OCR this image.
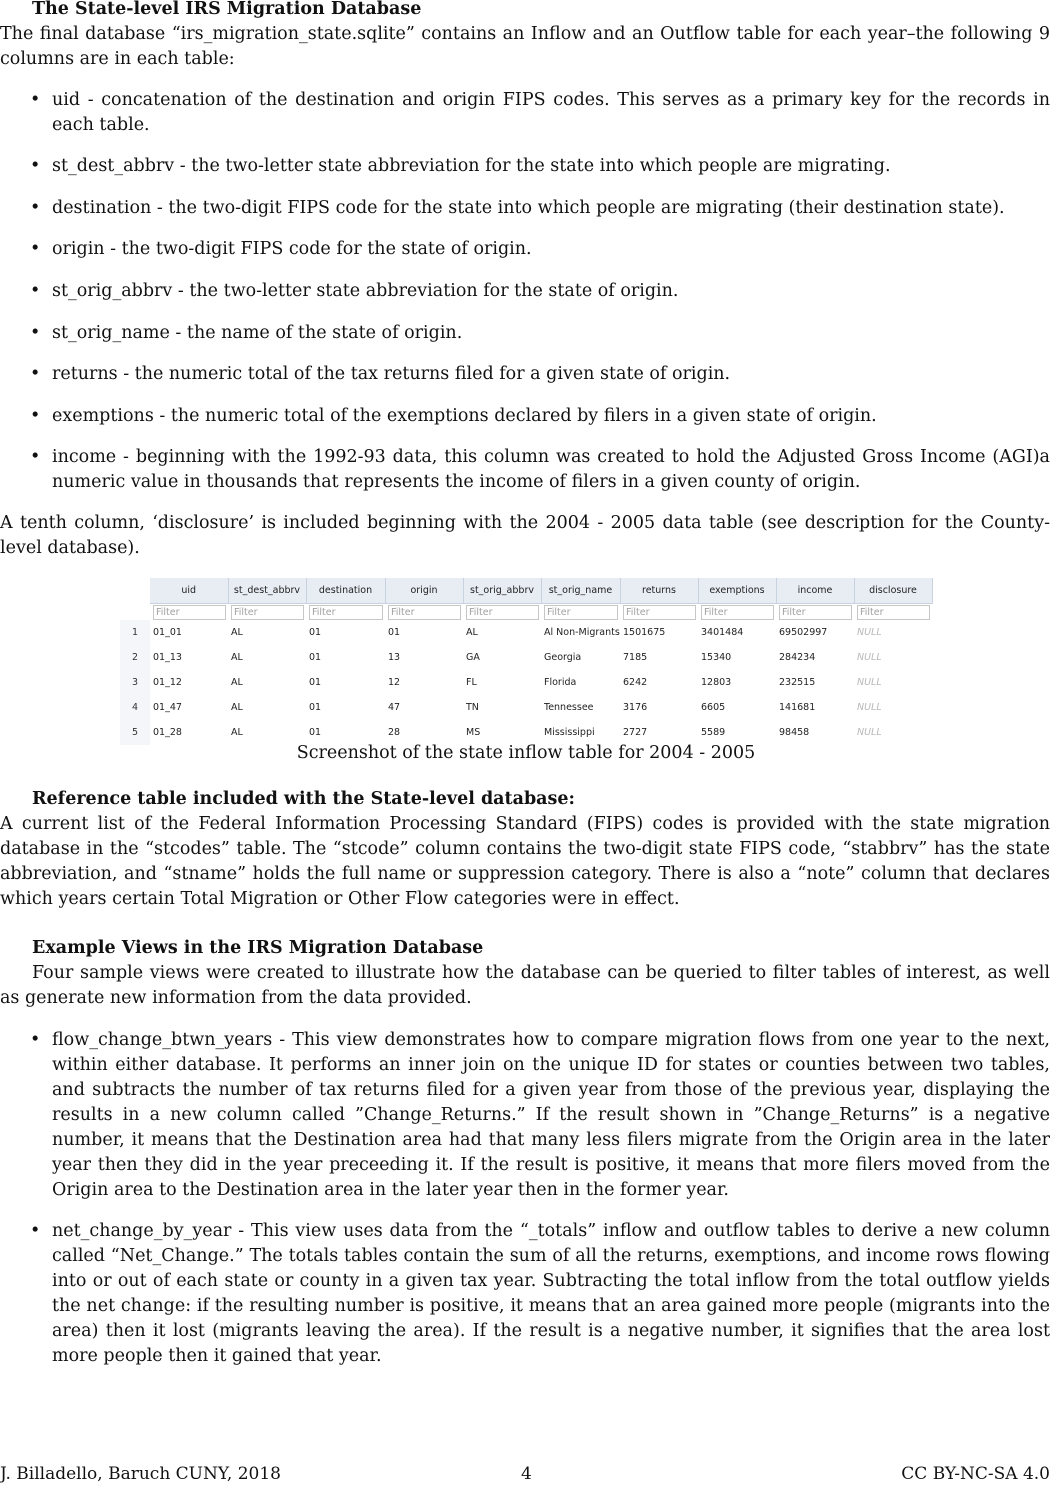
The State-level IRS Migration Database
The final database “irs_migration_state.sqlite” contains an Inflow and an Outflow table for each year–the following 9 columns are in each table:
• uid - concatenation of the destination and origin FIPS codes. This serves as a primary key for the records in each table.
• st_dest_abbrv - the two-letter state abbreviation for the state into which people are migrating.
• destination - the two-digit FIPS code for the state into which people are migrating (their destination state).
• origin - the two-digit FIPS code for the state of origin.
• st_orig_abbrv - the two-letter state abbreviation for the state of origin.
• st_orig_name - the name of the state of origin.
• returns - the numeric total of the tax returns filed for a given state of origin.
• exemptions - the numeric total of the exemptions declared by filers in a given state of origin.
• income - beginning with the 1992-93 data, this column was created to hold the Adjusted Gross Income (AGI)a numeric value in thousands that represents the income of filers in a given county of origin.
A tenth column, ‘disclosure’ is included beginning with the 2004 - 2005 data table (see description for the County-level database).
	uid	st_dest_abbrv	destination	origin	st_orig_abbrv	st_orig_name	returns	exemptions	income	disclosure

	Filter	Filter	Filter	Filter	Filter	Filter	Filter	Filter	Filter	Filter

1	01_01	AL	01	01	AL	Al Non-Migrants	1501675	3401484	69502997	NULL
2	01_13	AL	01	13	GA	Georgia	7185	15340	284234	NULL
3	01_12	AL	01	12	FL	Florida	6242	12803	232515	NULL
4	01_47	AL	01	47	TN	Tennessee	3176	6605	141681	NULL
5	01_28	AL	01	28	MS	Mississippi	2727	5589	98458	NULL
Screenshot of the state inflow table for 2004 - 2005
Reference table included with the State-level database:
A current list of the Federal Information Processing Standard (FIPS) codes is provided with the state migration database in the “stcodes” table. The “stcode” column contains the two-digit state FIPS code, “stabbrv” has the state abbreviation, and “stname” holds the full name or suppression category. There is also a “note” column that declares which years certain Total Migration or Other Flow categories were in effect.
Example Views in the IRS Migration Database
Four sample views were created to illustrate how the database can be queried to filter tables of interest, as well as generate new information from the data provided.
• flow_change_btwn_years - This view demonstrates how to compare migration flows from one year to the next, within either database. It performs an inner join on the unique ID for states or counties between two tables, and subtracts the number of tax returns filed for a given year from those of the previous year, displaying the results in a new column called ”Change_Returns.” If the result shown in ”Change_Returns” is a negative number, it means that the Destination area had that many less filers migrate from the Origin area in the later year then they did in the year preceeding it. If the result is positive, it means that more filers moved from the Origin area to the Destination area in the later year then in the former year.
• net_change_by_year - This view uses data from the “_totals” inflow and outflow tables to derive a new column called “Net_Change.” The totals tables contain the sum of all the returns, exemptions, and income rows flowing into or out of each state or county in a given tax year. Subtracting the total inflow from the total outflow yields the net change: if the resulting number is positive, it means that an area gained more people (migrants into the area) then it lost (migrants leaving the area). If the result is a negative number, it signifies that the area lost more people then it gained that year.
J. Billadello, Baruch CUNY, 2018	4	CC BY-NC-SA 4.0
